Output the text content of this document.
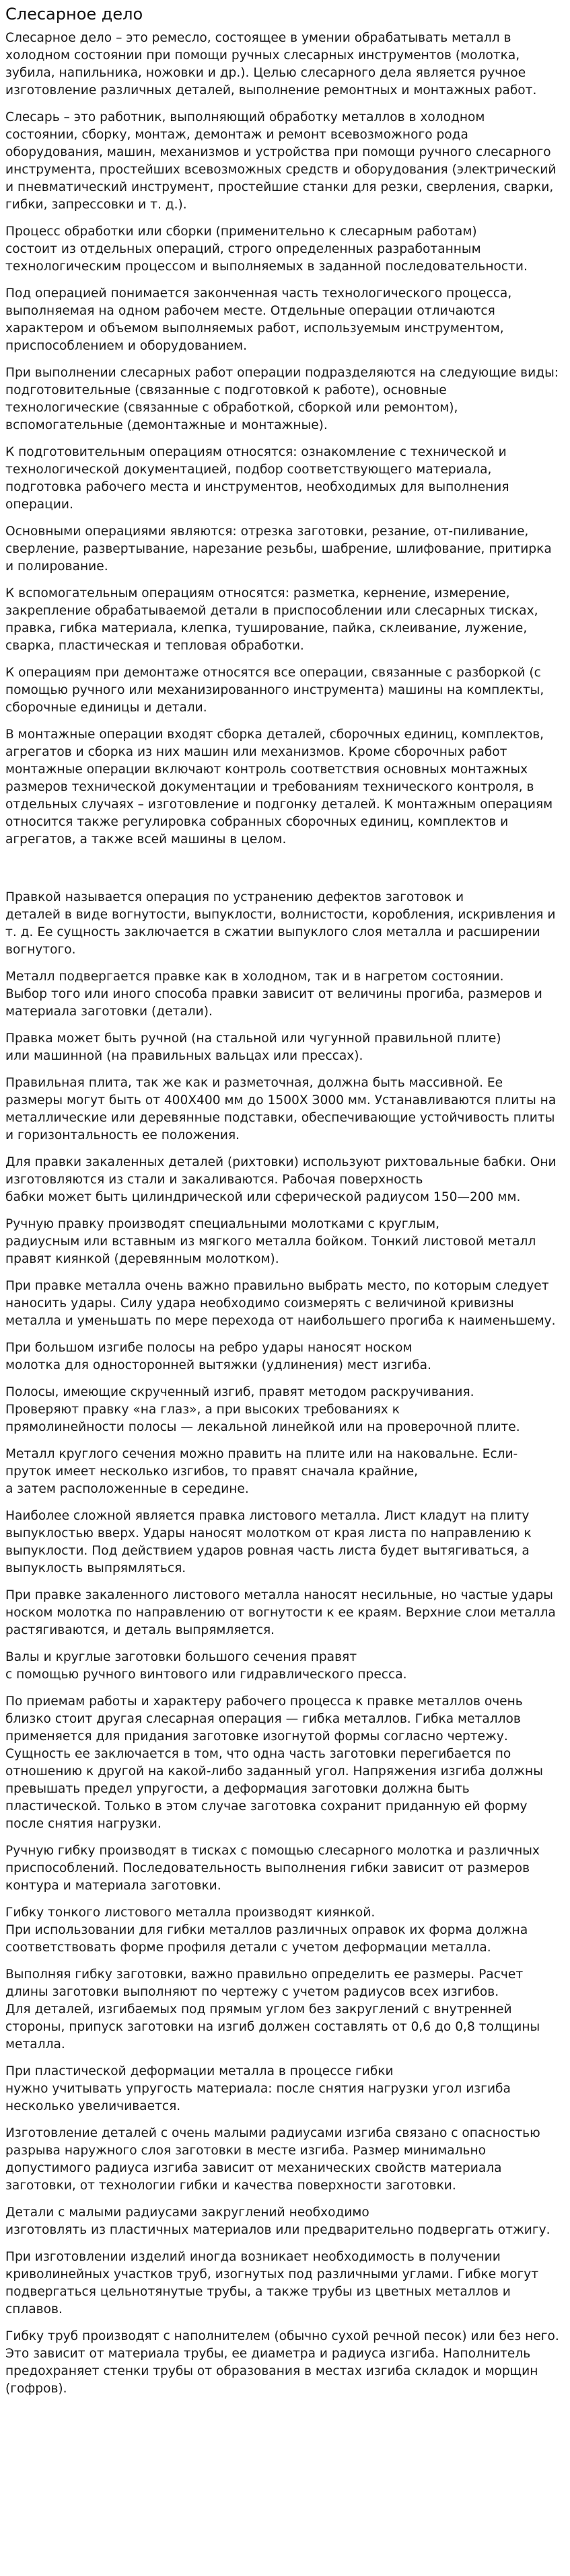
Слесарное дело

Слесарное дело – это ремесло, состоящее в умении обрабатывать металл в холодном состоянии при помощи ручных слесарных инструментов (молотка, зубила, напильника, ножовки и др.). Целью слесарного дела является ручное изготовление различных деталей, выполнение ремонтных и монтажных работ.

Слесарь – это работник, выполняющий обработку металлов в холодном состоянии, сборку, монтаж, демонтаж и ремонт всевозможного рода оборудования, машин, механизмов и устройства при помощи ручного слесарного инструмента, простейших всевозможных средств и оборудования (электрический и пневматический инструмент, простейшие станки для резки, сверления, сварки, гибки, запрессовки и т. д.).

Процесс обработки или сборки (применительно к слесарным работам)
состоит из отдельных операций, строго определенных разработанным технологическим процессом и выполняемых в заданной последовательности.

Под операцией понимается законченная часть технологического процесса, выполняемая на одном рабочем месте. Отдельные операции отличаются характером и объемом выполняемых работ, используемым инструментом, приспособлением и оборудованием.

При выполнении слесарных работ операции подразделяются на следующие виды: подготовительные (связанные с подготовкой к работе), основные технологические (связанные с обработкой, сборкой или ремонтом), вспомогательные (демонтажные и монтажные).

К подготовительным операциям относятся: ознакомление с технической и технологической документацией, подбор соответствующего материала, подготовка рабочего места и инструментов, необходимых для выполнения операции.

Основными операциями являются: отрезка заготовки, резание, от-пиливание, сверление, развертывание, нарезание резьбы, шабрение, шлифование, притирка и полирование.

К вспомогательным операциям относятся: разметка, кернение, измерение, закрепление обрабатываемой детали в приспособлении или слесарных тисках, правка, гибка материала, клепка, туширование, пайка, склеивание, лужение, сварка, пластическая и тепловая обработки.

К операциям при демонтаже относятся все операции, связанные с разборкой (с помощью ручного или механизированного инструмента) машины на комплекты, сборочные единицы и детали.

В монтажные операции входят сборка деталей, сборочных единиц, комплектов, агрегатов и сборка из них машин или механизмов. Кроме сборочных работ монтажные операции включают контроль соответствия основных монтажных размеров технической документации и требованиям технического контроля, в отдельных случаях – изготовление и подгонку деталей. К монтажным операциям относится также регулировка собранных сборочных единиц, комплектов и агрегатов, а также всей машины в целом.

Правкой называется операция по устранению дефектов заготовок и
деталей в виде вогнутости, выпуклости, волнистости, коробления, искривления и т. д. Ее сущность заключается в сжатии выпуклого слоя металла и расширении вогнутого.

Металл подвергается правке как в холодном, так и в нагретом состоянии.
Выбор того или иного способа правки зависит от величины прогиба, размеров и материала заготовки (детали).

Правка может быть ручной (на стальной или чугунной правильной плите)
или машинной (на правильных вальцах или прессах).

Правильная плита, так же как и разметочная, должна быть массивной. Ее размеры могут быть от 400Х400 мм до 1500Х З000 мм. Устанавливаются плиты на металлические или деревянные подставки, обеспечивающие устойчивость плиты и горизонтальность ее положения.

Для правки закаленных деталей (рихтовки) используют рихтовальные бабки. Они изготовляются из стали и закаливаются. Рабочая поверхность
бабки может быть цилиндрической или сферической радиусом 150—200 мм.

Ручную правку производят специальными молотками с круглым,
радиусным или вставным из мягкого металла бойком. Тонкий листовой металл правят киянкой (деревянным молотком).

При правке металла очень важно правильно выбрать место, по которым следует наносить удары. Силу удара необходимо соизмерять с величиной кривизны металла и уменьшать по мере перехода от наибольшего прогиба к наименьшему.

При большом изгибе полосы на ребро удары наносят носком
молотка для односторонней вытяжки (удлинения) мест изгиба.

Полосы, имеющие скрученный изгиб, правят методом раскручивания.
Проверяют правку «на глаз», а при высоких требованиях к
прямолинейности полосы — лекальной линейкой или на проверочной плите.

Металл круглого сечения можно править на плите или на наковальне. Если-пруток имеет несколько изгибов, то правят сначала крайние,
а затем расположенные в середине.

Наиболее сложной является правка листового металла. Лист кладут на плиту выпуклостью вверх. Удары наносят молотком от края листа по направлению к выпуклости. Под действием ударов ровная часть листа будет вытягиваться, а выпуклость выпрямляться.

При правке закаленного листового металла наносят несильные, но частые удары носком молотка по направлению от вогнутости к ее краям. Верхние слои металла растягиваются, и деталь выпрямляется.

Валы и круглые заготовки большого сечения правят
с помощью ручного винтового или гидравлического пресса.

По приемам работы и характеру рабочего процесса к правке металлов очень близко стоит другая слесарная операция — гибка металлов. Гибка металлов применяется для придания заготовке изогнутой формы согласно чертежу. Сущность ее заключается в том, что одна часть заготовки перегибается по отношению к другой на какой-либо заданный угол. Напряжения изгиба должны превышать предел упругости, а деформация заготовки должна быть пластической. Только в этом случае заготовка сохранит приданную ей форму после снятия нагрузки.

Ручную гибку производят в тисках с помощью слесарного молотка и различных приспособлений. Последовательность выполнения гибки зависит от размеров контура и материала заготовки.

Гибку тонкого листового металла производят киянкой.
При использовании для гибки металлов различных оправок их форма должна соответствовать форме профиля детали с учетом деформации металла.

Выполняя гибку заготовки, важно правильно определить ее размеры. Расчет длины заготовки выполняют по чертежу с учетом радиусов всех изгибов.
Для деталей, изгибаемых под прямым углом без закруглений с внутренней стороны, припуск заготовки на изгиб должен составлять от 0,6 до 0,8 толщины металла.

При пластической деформации металла в процессе гибки
нужно учитывать упругость материала: после снятия нагрузки угол изгиба несколько увеличивается.

Изготовление деталей с очень малыми радиусами изгиба связано с опасностью разрыва наружного слоя заготовки в месте изгиба. Размер минимально допустимого радиуса изгиба зависит от механических свойств материала заготовки, от технологии гибки и качества поверхности заготовки.

Детали с малыми радиусами закруглений необходимо
изготовлять из пластичных материалов или предварительно подвергать отжигу.

При изготовлении изделий иногда возникает необходимость в получении криволинейных участков труб, изогнутых под различными углами. Гибке могут подвергаться цельнотянутые трубы, а также трубы из цветных металлов и сплавов.

Гибку труб производят с наполнителем (обычно сухой речной песок) или без него. Это зависит от материала трубы, ее диаметра и радиуса изгиба. Наполнитель предохраняет стенки трубы от образования в местах изгиба складок и морщин (гофров).
